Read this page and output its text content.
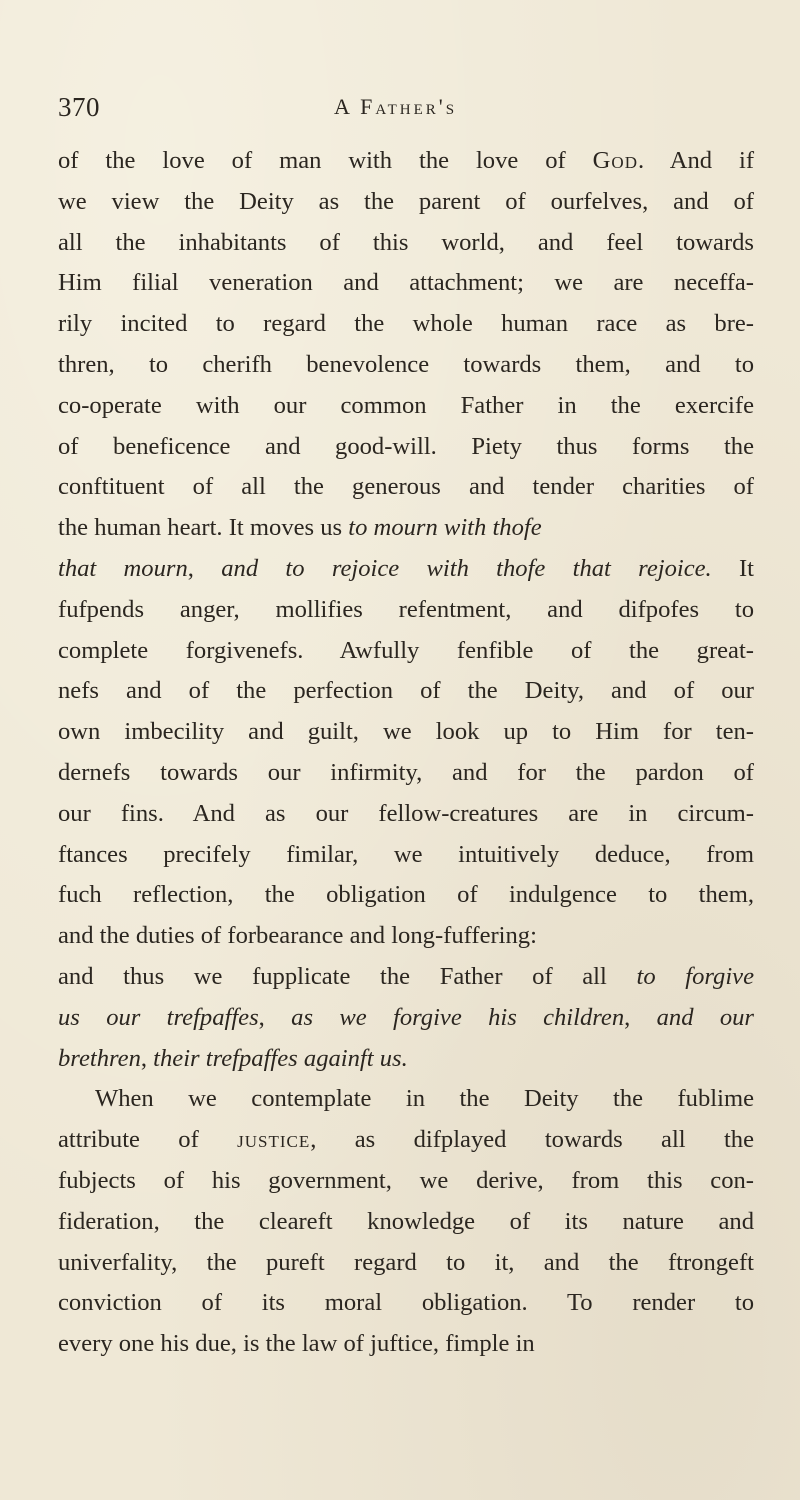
370	A Father's
of the love of man with the love of God. And if
we view the Deity as the parent of ourfelves, and of
all the inhabitants of this world, and feel towards
Him filial veneration and attachment; we are neceffa-
rily incited to regard the whole human race as bre-
thren, to cherifh benevolence towards them, and to
co-operate with our common Father in the exercife
of beneficence and good-will. Piety thus forms the
conftituent of all the generous and tender charities of
the human heart. It moves us to mourn with thofe
that mourn, and to rejoice with thofe that rejoice. It
fufpends anger, mollifies refentment, and difpofes to
complete forgivenefs. Awfully fenfible of the great-
nefs and of the perfection of the Deity, and of our
own imbecility and guilt, we look up to Him for ten-
dernefs towards our infirmity, and for the pardon of
our fins. And as our fellow-creatures are in circum-
ftances precifely fimilar, we intuitively deduce, from
fuch reflection, the obligation of indulgence to them,
and the duties of forbearance and long-fuffering:
and thus we fupplicate the Father of all to forgive
us our trefpaffes, as we forgive his children, and our
brethren, their trefpaffes againft us.
When we contemplate in the Deity the fublime
attribute of justice, as difplayed towards all the
fubjects of his government, we derive, from this con-
fideration, the cleareft knowledge of its nature and
univerfality, the pureft regard to it, and the ftrongeft
conviction of its moral obligation. To render to
every one his due, is the law of juftice, fimple in
